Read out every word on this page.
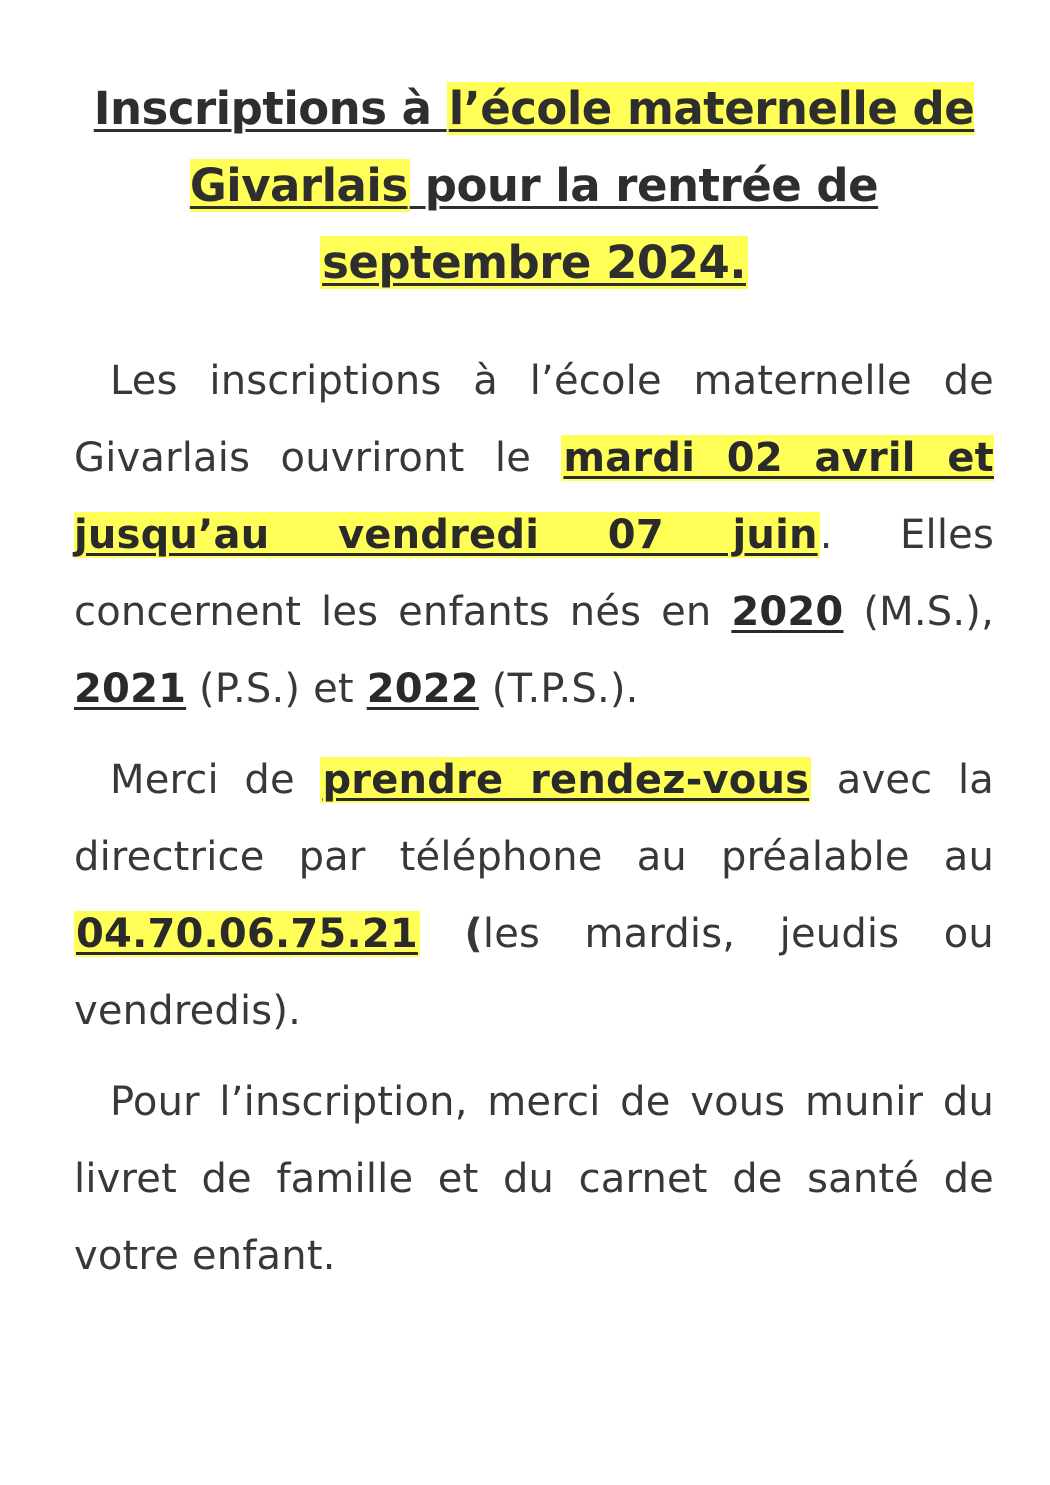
Inscriptions à l’école maternelle de Givarlais pour la rentrée de septembre 2024.

Les inscriptions à l’école maternelle de Givarlais ouvriront le mardi 02 avril et jusqu’au vendredi 07 juin. Elles concernent les enfants nés en 2020 (M.S.), 2021 (P.S.) et 2022 (T.P.S.).

Merci de prendre rendez-vous avec la directrice par téléphone au préalable au 04.70.06.75.21 (les mardis, jeudis ou vendredis).

Pour l’inscription, merci de vous munir du livret de famille et du carnet de santé de votre enfant.
